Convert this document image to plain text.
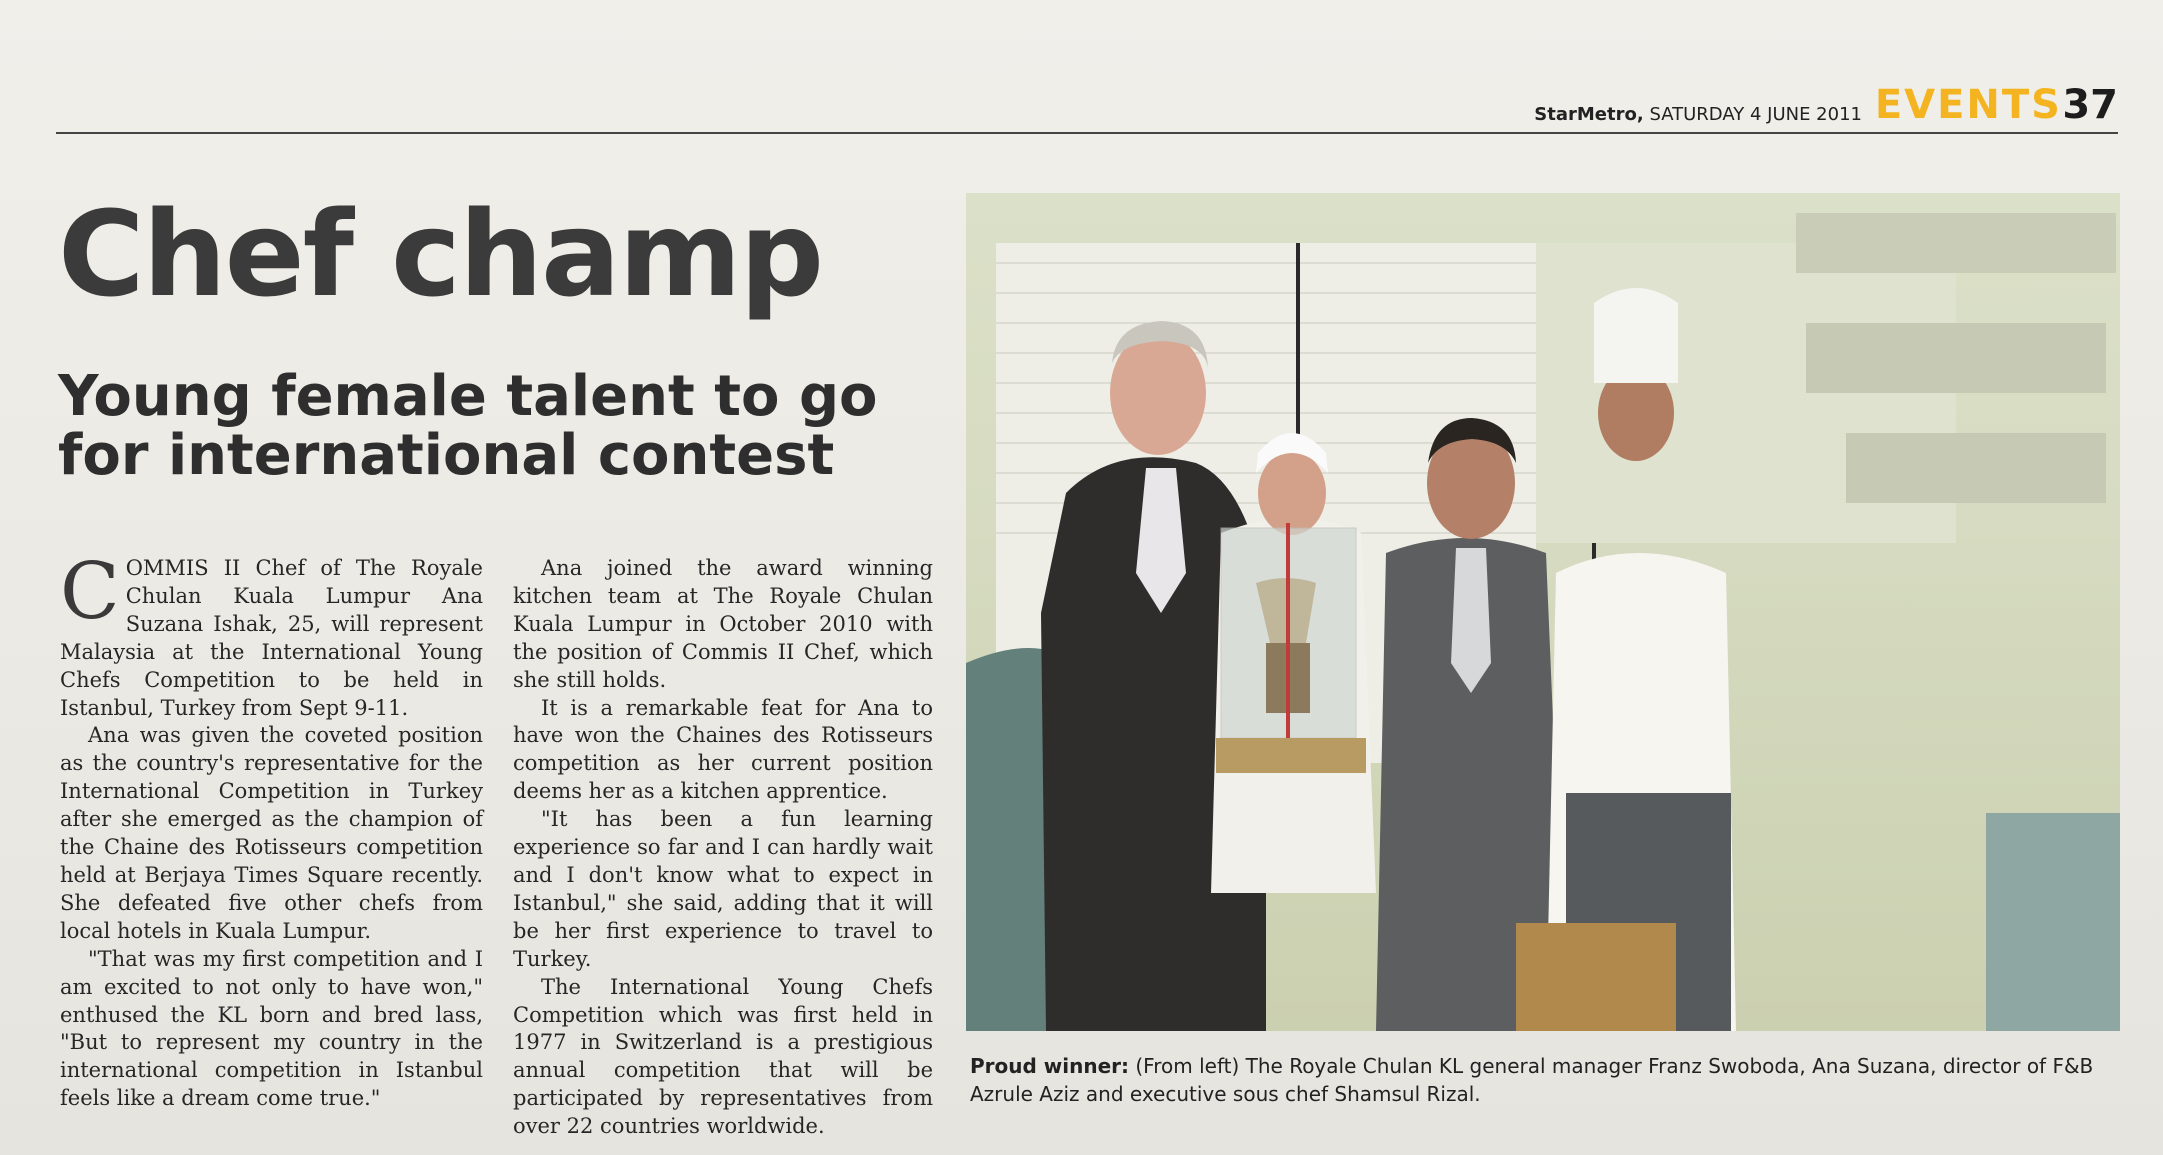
StarMetro, SATURDAY 4 JUNE 2011 EVENTS 37
Chef champ
Young female talent to go for international contest

COMMIS II Chef of The Royale Chulan Kuala Lumpur Ana Suzana Ishak, 25, will represent Malaysia at the International Young Chefs Competition to be held in Istanbul, Turkey from Sept 9-11.

Ana was given the coveted position as the country's representative for the International Competition in Turkey after she emerged as the champion of the Chaine des Rotisseurs competition held at Berjaya Times Square recently. She defeated five other chefs from local hotels in Kuala Lumpur.

"That was my first competition and I am excited to not only to have won," enthused the KL born and bred lass, "But to represent my country in the international competition in Istanbul feels like a dream come true."

Ana joined the award winning kitchen team at The Royale Chulan Kuala Lumpur in October 2010 with the position of Commis II Chef, which she still holds.

It is a remarkable feat for Ana to have won the Chaines des Rotisseurs competition as her current position deems her as a kitchen apprentice.

"It has been a fun learning experience so far and I can hardly wait and I don't know what to expect in Istanbul," she said, adding that it will be her first experience to travel to Turkey.

The International Young Chefs Competition which was first held in 1977 in Switzerland is a prestigious annual competition that will be participated by representatives from over 22 countries worldwide.

Proud winner: (From left) The Royale Chulan KL general manager Franz Swoboda, Ana Suzana, director of F&B Azrule Aziz and executive sous chef Shamsul Rizal.
